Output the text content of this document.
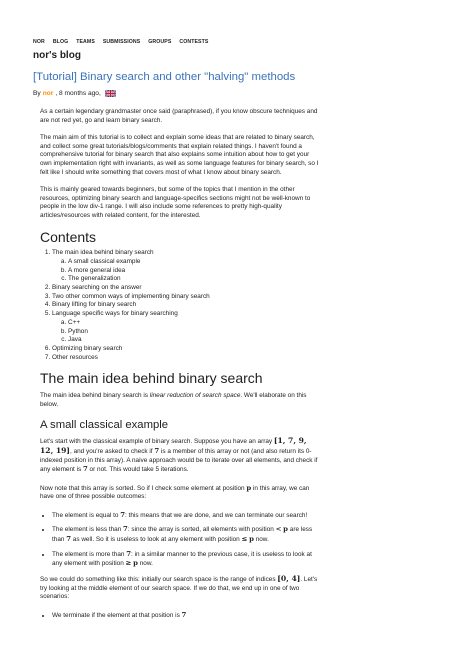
NOR BLOG TEAMS SUBMISSIONS GROUPS CONTESTS
nor's blog
[Tutorial] Binary search and other "halving" methods
By nor , 8 months ago,

As a certain legendary grandmaster once said (paraphrased), if you know obscure techniques and are not red yet, go and learn binary search.

The main aim of this tutorial is to collect and explain some ideas that are related to binary search, and collect some great tutorials/blogs/comments that explain related things. I haven't found a comprehensive tutorial for binary search that also explains some intuition about how to get your own implementation right with invariants, as well as some language features for binary search, so I felt like I should write something that covers most of what I know about binary search.

This is mainly geared towards beginners, but some of the topics that I mention in the other resources, optimizing binary search and language-specifics sections might not be well-known to people in the low div-1 range. I will also include some references to pretty high-quality articles/resources with related content, for the interested.

Contents
1. The main idea behind binary search
a. A small classical example
b. A more general idea
c. The generalization
2. Binary searching on the answer
3. Two other common ways of implementing binary search
4. Binary lifting for binary search
5. Language specific ways for binary searching
a. C++
b. Python
c. Java
6. Optimizing binary search
7. Other resources
The main idea behind binary search

The main idea behind binary search is linear reduction of search space. We'll elaborate on this below.

A small classical example

Let's start with the classical example of binary search. Suppose you have an array [1, 7, 9, 12, 19], and you're asked to check if 7 is a member of this array or not (and also return its 0-indexed position in this array). A naive approach would be to iterate over all elements, and check if any element is 7 or not. This would take 5 iterations.

Now note that this array is sorted. So if I check some element at position p in this array, we can have one of three possible outcomes:

• The element is equal to 7: this means that we are done, and we can terminate our search!
• The element is less than 7: since the array is sorted, all elements with position < p are less than 7 as well. So it is useless to look at any element with position ≤ p now.
• The element is more than 7: in a similar manner to the previous case, it is useless to look at any element with position ≥ p now.

So we could do something like this: initially our search space is the range of indices [0, 4]. Let's try looking at the middle element of our search space. If we do that, we end up in one of two scenarios:

• We terminate if the element at that position is 7
